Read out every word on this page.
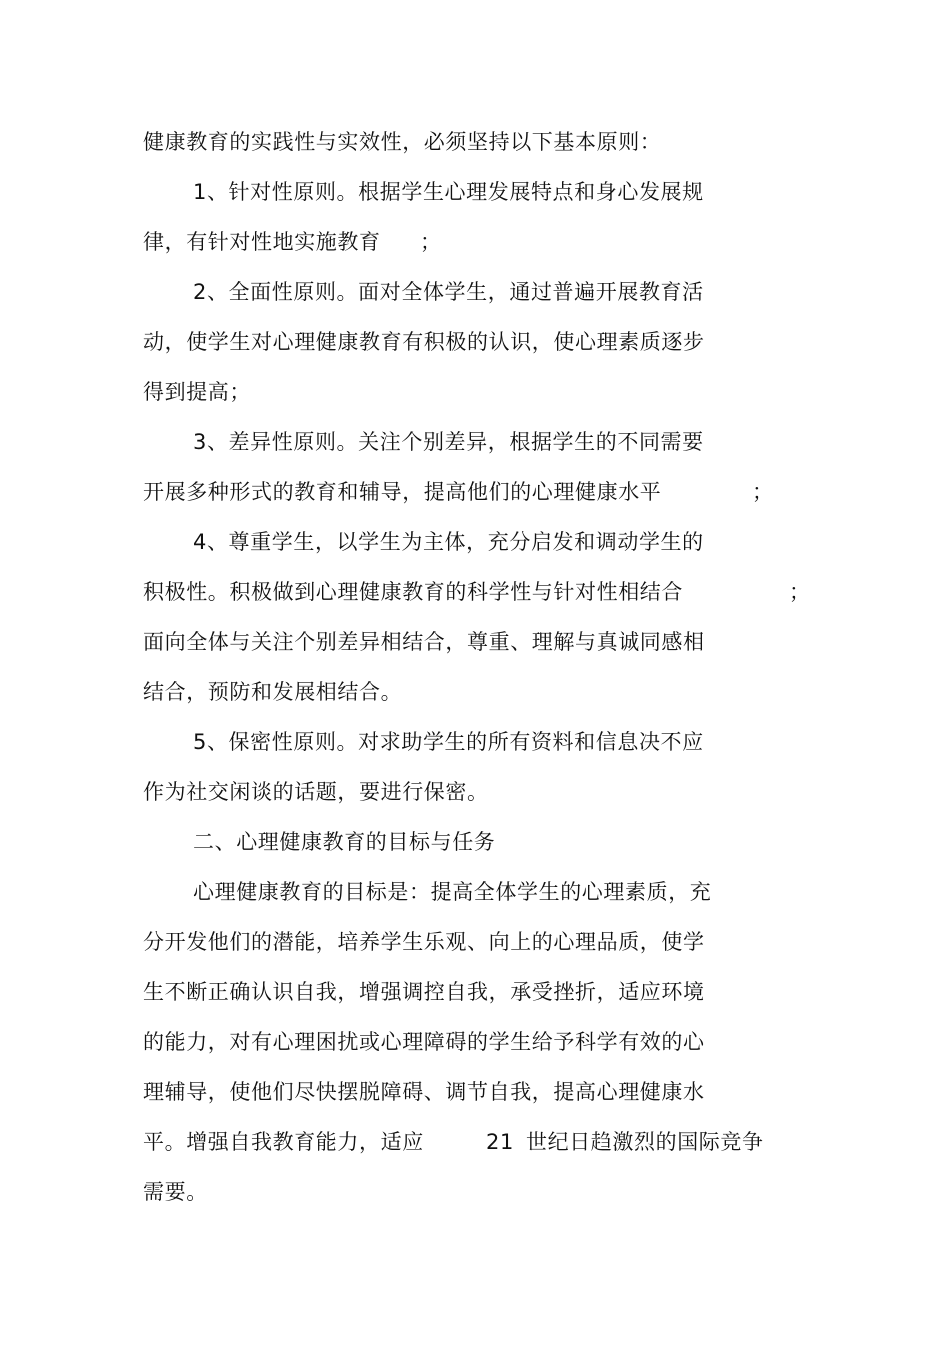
健康教育的实践性与实效性，必须坚持以下基本原则：
1、针对性原则。根据学生心理发展特点和身心发展规
律，有针对性地实施教育 ；
2、全面性原则。面对全体学生，通过普遍开展教育活
动，使学生对心理健康教育有积极的认识，使心理素质逐步
得到提高；
3、差异性原则。关注个别差异，根据学生的不同需要
开展多种形式的教育和辅导，提高他们的心理健康水平	；
4、尊重学生，以学生为主体，充分启发和调动学生的
积极性。积极做到心理健康教育的科学性与针对性相结合	；
面向全体与关注个别差异相结合，尊重、理解与真诚同感相
结合，预防和发展相结合。
5、保密性原则。对求助学生的所有资料和信息决不应
作为社交闲谈的话题，要进行保密。
二、心理健康教育的目标与任务
心理健康教育的目标是：提高全体学生的心理素质，充
分开发他们的潜能，培养学生乐观、向上的心理品质，使学
生不断正确认识自我，增强调控自我，承受挫折，适应环境
的能力，对有心理困扰或心理障碍的学生给予科学有效的心
理辅导，使他们尽快摆脱障碍、调节自我，提高心理健康水
平。增强自我教育能力，适应	21 世纪日趋激烈的国际竞争
需要。
